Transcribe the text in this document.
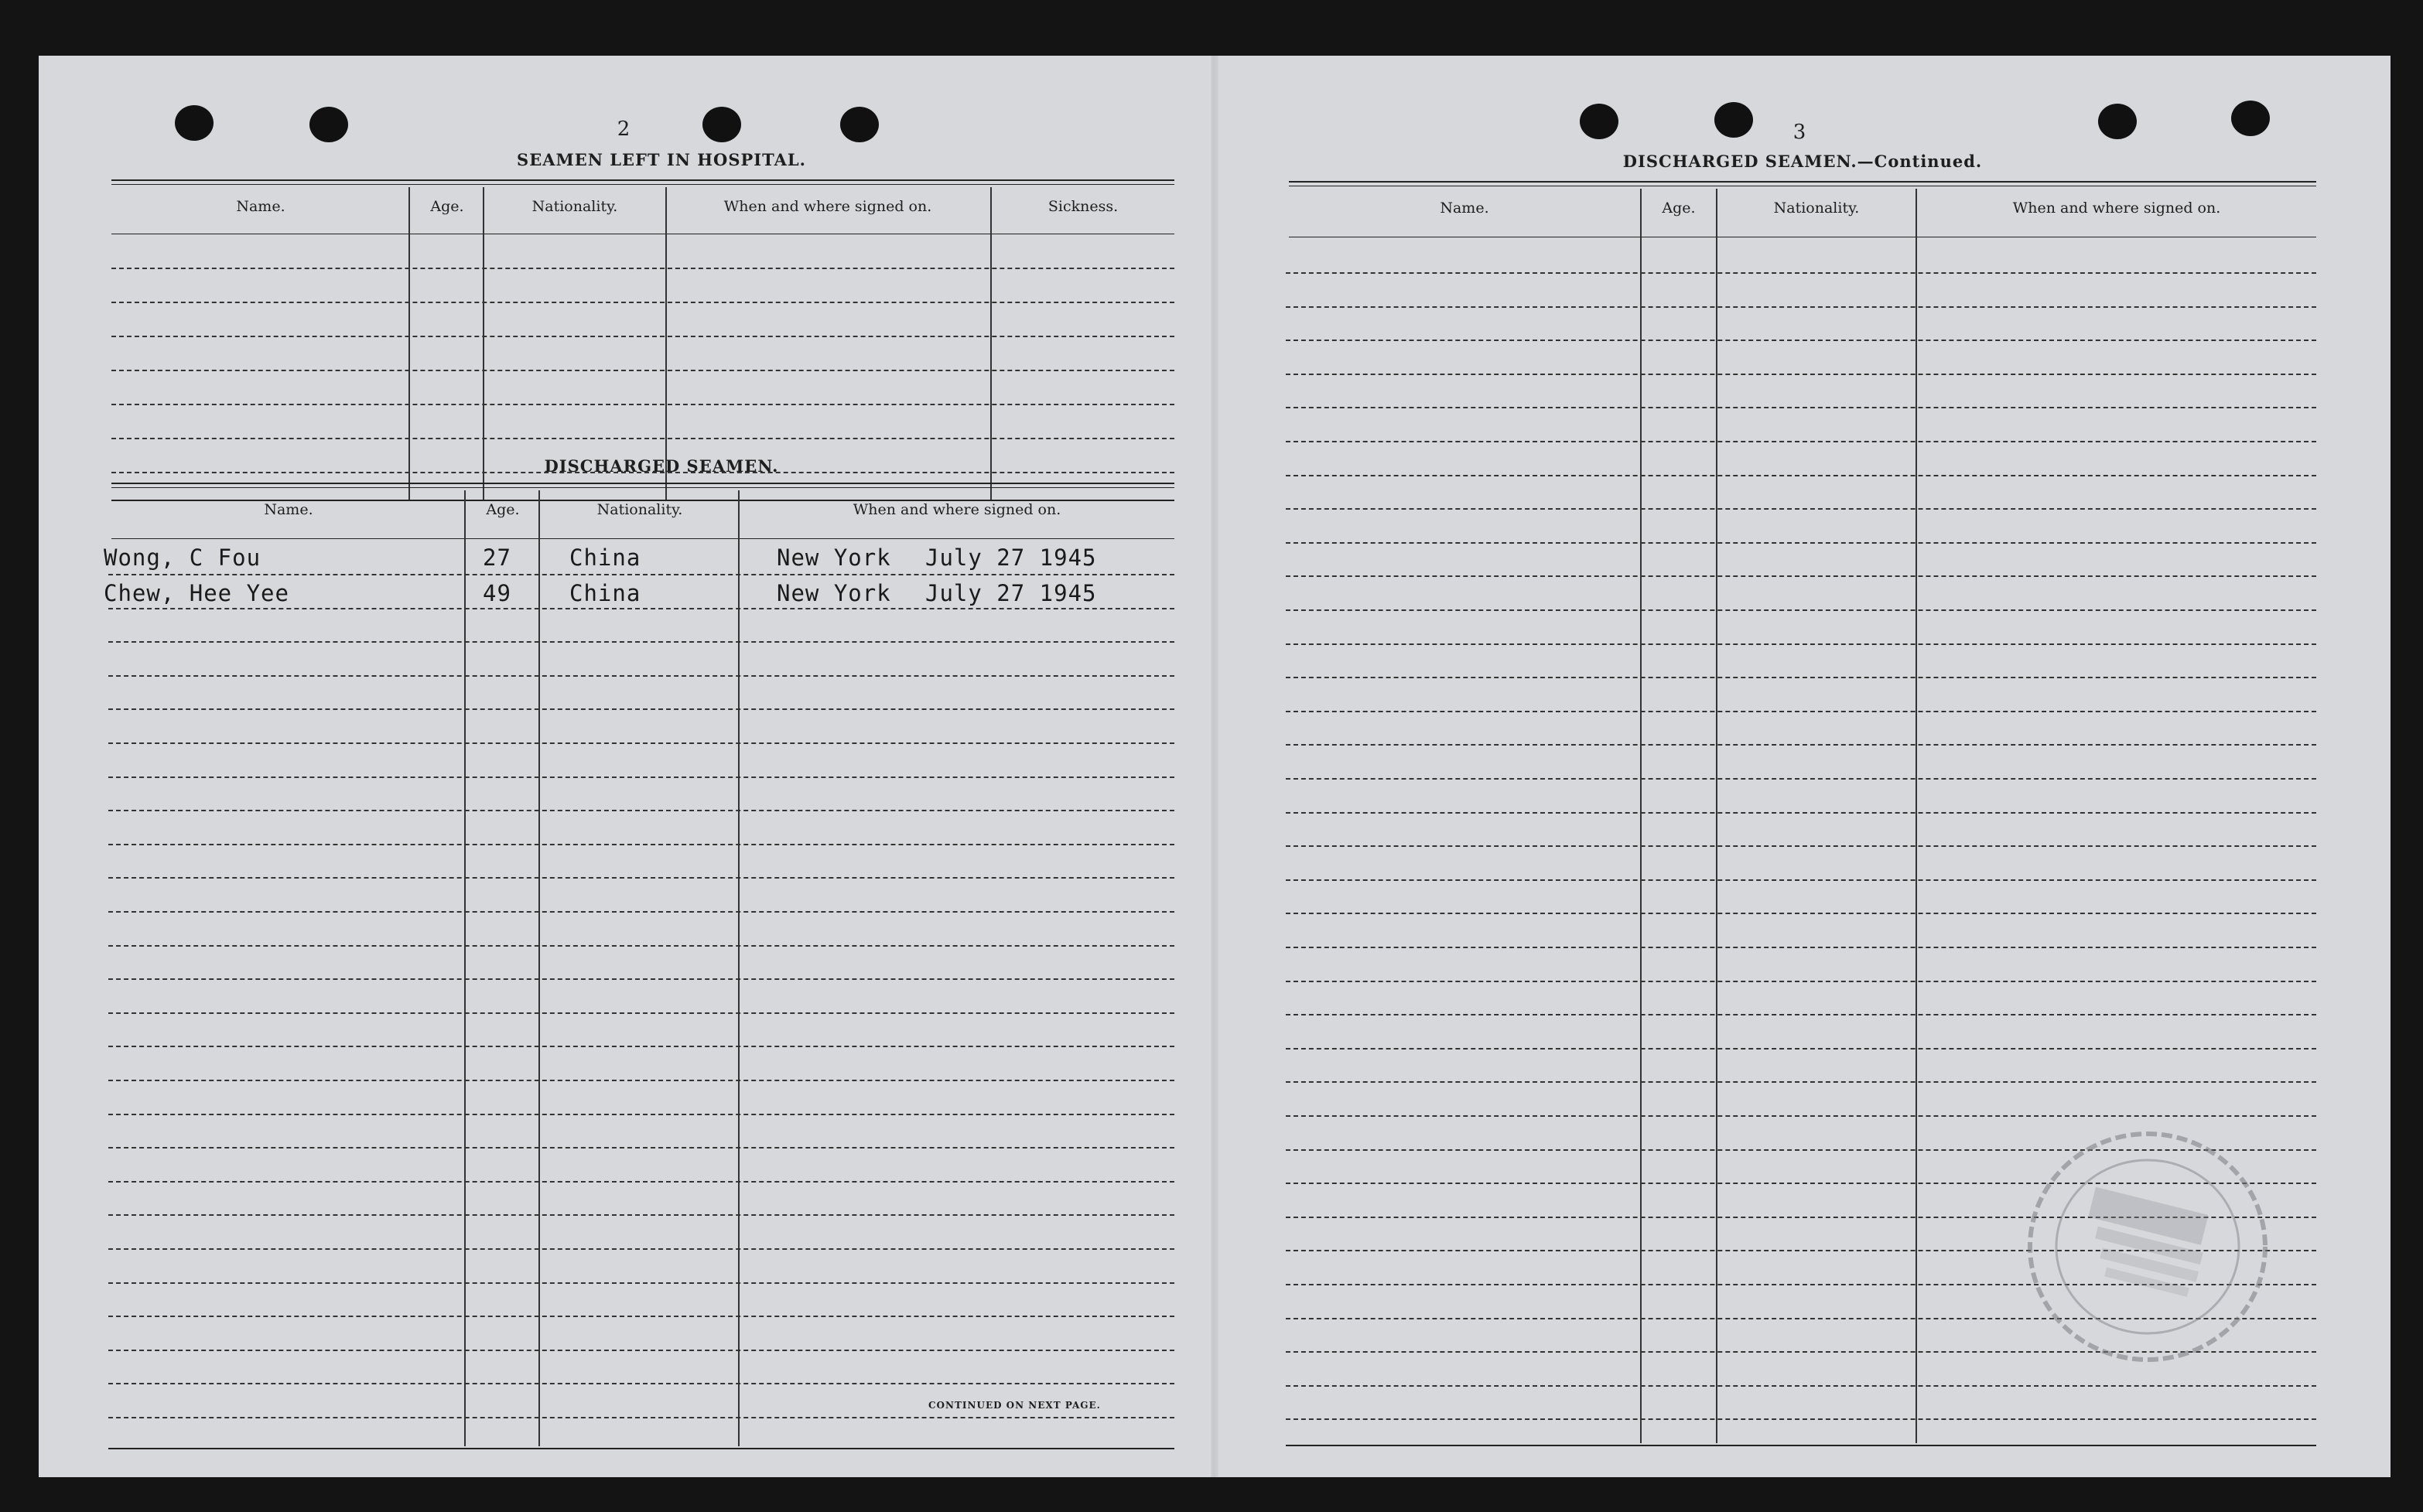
2
SEAMEN LEFT IN HOSPITAL.
Name.	Age.	Nationality.	When and where signed on.	Sickness.
DISCHARGED SEAMEN.
Name.	Age.	Nationality.	When and where signed on.
Wong, C Fou	27	China	New York July 27 1945
Chew, Hee Yee	49	China	New York July 27 1945
CONTINUED ON NEXT PAGE.
3
DISCHARGED SEAMEN.—Continued.
Name.	Age.	Nationality.	When and where signed on.
